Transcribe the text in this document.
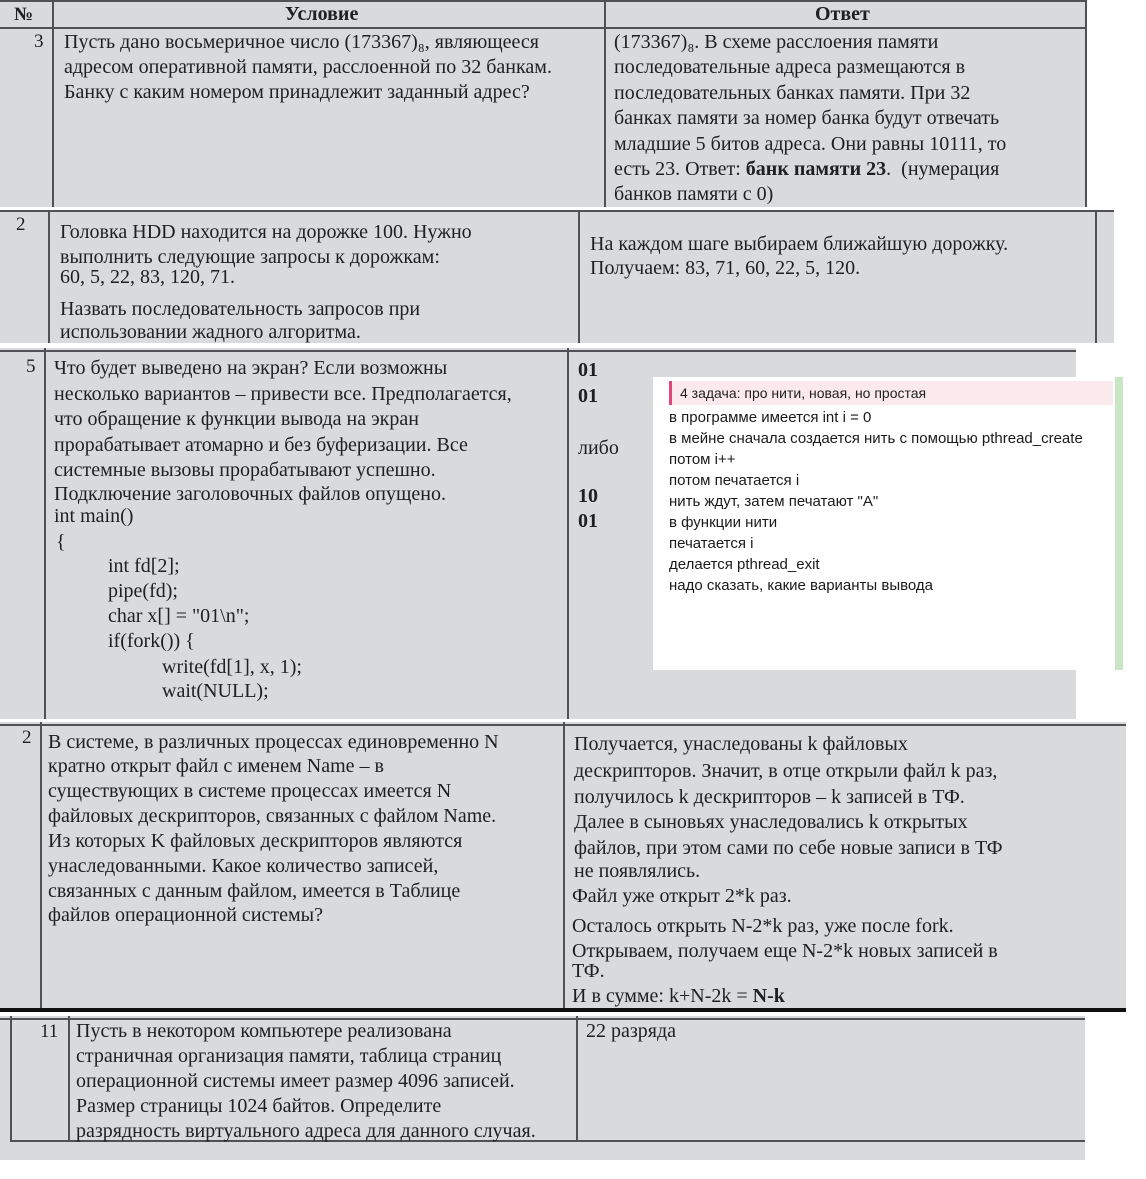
№	Условие	Ответ
3 Пусть дано восьмеричное число (173367)₈, являющееся
адресом оперативной памяти, расслоенной по 32 банкам.
Банку с каким номером принадлежит заданный адрес?
(173367)₈. В схеме расслоения памяти
последовательные адреса размещаются в
последовательных банках памяти. При 32
банках памяти за номер банка будут отвечать
младшие 5 битов адреса. Они равны 10111, то
есть 23. Ответ: банк памяти 23.  (нумерация
банков памяти с 0)
2 Головка HDD находится на дорожке 100. Нужно
выполнить следующие запросы к дорожкам:
60, 5, 22, 83, 120, 71.
Назвать последовательность запросов при
использовании жадного алгоритма.
На каждом шаге выбираем ближайшую дорожку.
Получаем: 83, 71, 60, 22, 5, 120.
5 Что будет выведено на экран? Если возможны
несколько вариантов – привести все. Предполагается,
что обращение к функции вывода на экран
прорабатывает атомарно и без буферизации. Все
системные вызовы прорабатывают успешно.
Подключение заголовочных файлов опущено.
int main()
{
int fd[2];
pipe(fd);
char x[] = "01\n";
if(fork()) {
write(fd[1], x, 1);
wait(NULL);
01
01
либо
10
01
4 задача: про нити, новая, но простая
в программе имеется int i = 0
в мейне сначала создается нить с помощью pthread_create
потом i++
потом печатается i
нить ждут, затем печатают "А"
в функции нити
печатается i
делается pthread_exit
надо сказать, какие варианты вывода
2 В системе, в различных процессах единовременно N
кратно открыт файл с именем Name – в
существующих в системе процессах имеется N
файловых дескрипторов, связанных с файлом Name.
Из которых K файловых дескрипторов являются
унаследованными. Какое количество записей,
связанных с данным файлом, имеется в Таблице
файлов операционной системы?
Получается, унаследованы k файловых
дескрипторов. Значит, в отце открыли файл k раз,
получилось k дескрипторов – k записей в ТФ.
Далее в сыновьях унаследовались k открытых
файлов, при этом сами по себе новые записи в ТФ
не появлялись.
Файл уже открыт 2*k раз.
Осталось открыть N-2*k раз, уже после fork.
Открываем, получаем еще N-2*k новых записей в
ТФ.
И в сумме: k+N-2k = N-k
11 Пусть в некотором компьютере реализована
страничная организация памяти, таблица страниц
операционной системы имеет размер 4096 записей.
Размер страницы 1024 байтов. Определите
разрядность виртуального адреса для данного случая.
22 разряда
